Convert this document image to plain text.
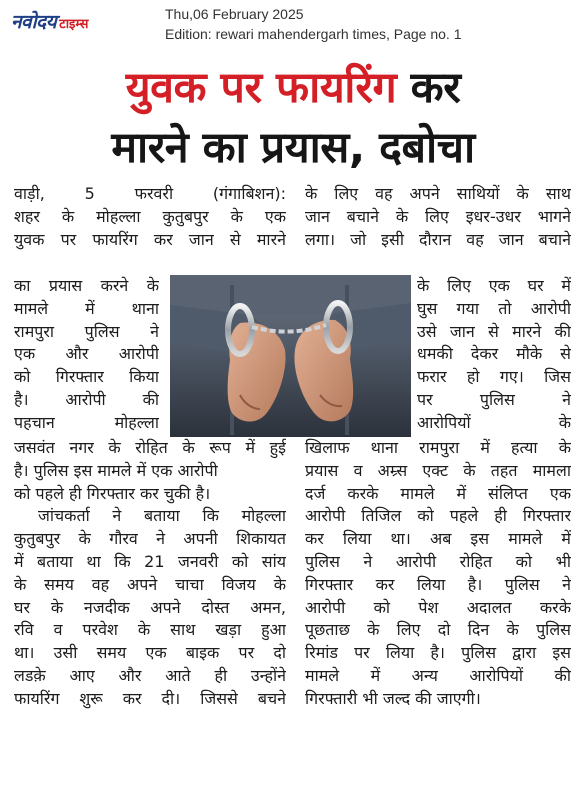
नवोदय टाइम्स
Thu,06 February 2025
Edition: rewari mahendergarh times, Page no. 1
युवक पर फायरिंग कर
मारने का प्रयास, दबोचा
वाड़ी, 5 फरवरी (गंगाबिशन):
शहर के मोहल्ला कुतुबपुर के एक
युवक पर फायरिंग कर जान से मारने
का प्रयास करने के
मामले में थाना
रामपुरा पुलिस ने
एक और आरोपी
को गिरफ्तार किया
है। आरोपी की
पहचान मोहल्ला
जसवंत नगर के रोहित के रूप में हुई
है। पुलिस इस मामले में एक आरोपी
को पहले ही गिरफ्तार कर चुकी है।
जांचकर्ता ने बताया कि मोहल्ला
कुतुबपुर के गौरव ने अपनी शिकायत
में बताया था कि 21 जनवरी को सांय
के समय वह अपने चाचा विजय के
घर के नजदीक अपने दोस्त अमन,
रवि व परवेश के साथ खड़ा हुआ
था। उसी समय एक बाइक पर दो
लडक़े आए और आते ही उन्होंने
फायरिंग शुरू कर दी। जिससे बचने
के लिए वह अपने साथियों के साथ
जान बचाने के लिए इधर-उधर भागने
लगा। जो इसी दौरान वह जान बचाने
के लिए एक घर में
घुस गया तो आरोपी
उसे जान से मारने की
धमकी देकर मौके से
फरार हो गए। जिस
पर पुलिस ने
आरोपियों के
खिलाफ थाना रामपुरा में हत्या के
प्रयास व अम्र्स एक्ट के तहत मामला
दर्ज करके मामले में संलिप्त एक
आरोपी तिजिल को पहले ही गिरफ्तार
कर लिया था। अब इस मामले में
पुलिस ने आरोपी रोहित को भी
गिरफ्तार कर लिया है। पुलिस ने
आरोपी को पेश अदालत करके
पूछताछ के लिए दो दिन के पुलिस
रिमांड पर लिया है। पुलिस द्वारा इस
मामले में अन्य आरोपियों की
गिरफ्तारी भी जल्द की जाएगी।
